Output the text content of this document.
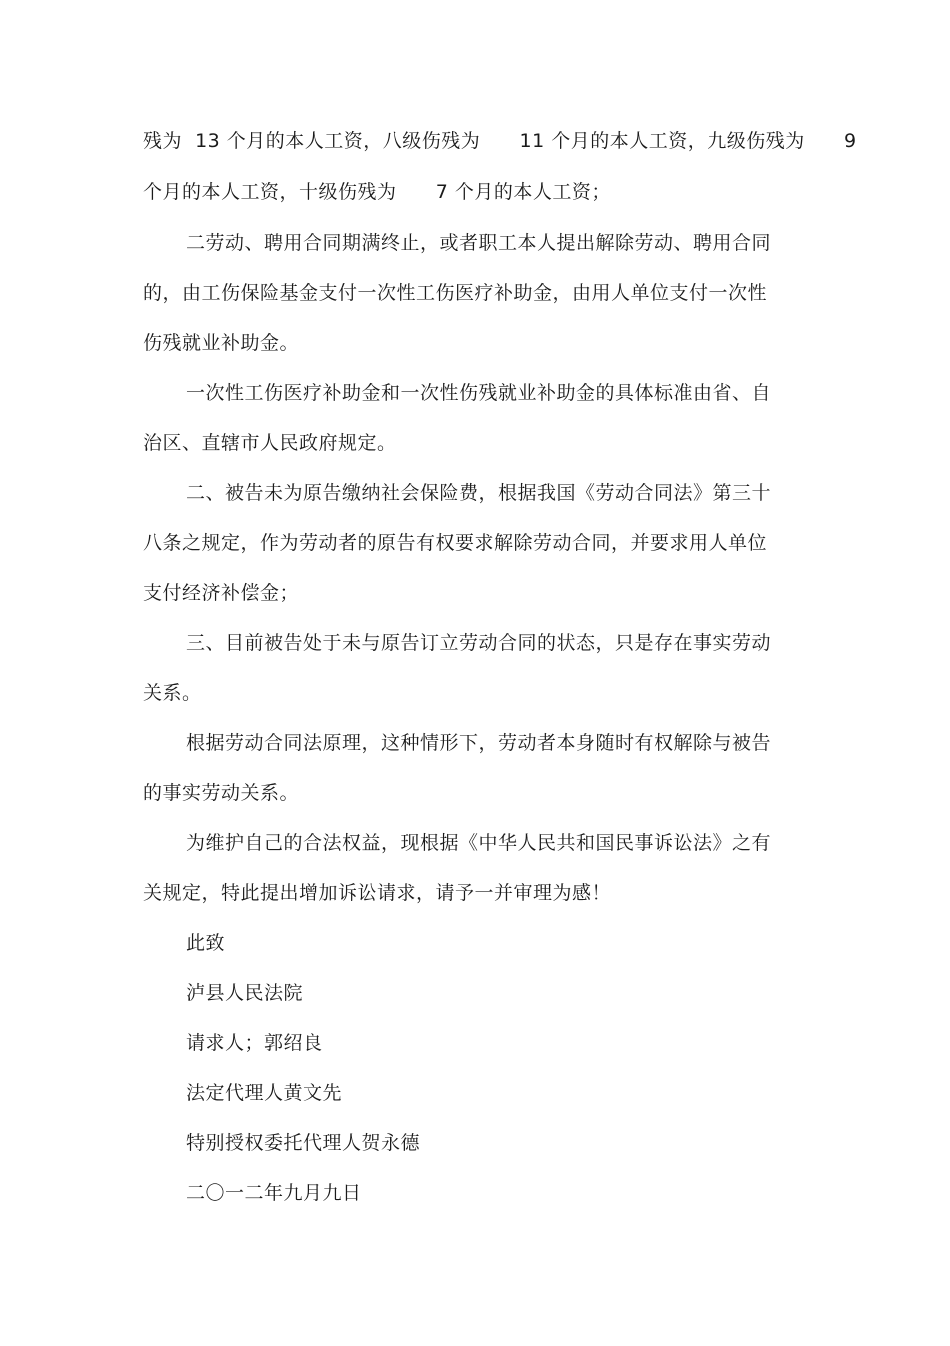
残为  13 个月的本人工资，八级伤残为      11 个月的本人工资，九级伤残为      9
个月的本人工资，十级伤残为      7 个月的本人工资；
二劳动、聘用合同期满终止，或者职工本人提出解除劳动、聘用合同
的，由工伤保险基金支付一次性工伤医疗补助金，由用人单位支付一次性
伤残就业补助金。
一次性工伤医疗补助金和一次性伤残就业补助金的具体标准由省、自
治区、直辖市人民政府规定。
二、被告未为原告缴纳社会保险费，根据我国《劳动合同法》第三十
八条之规定，作为劳动者的原告有权要求解除劳动合同，并要求用人单位
支付经济补偿金；
三、目前被告处于未与原告订立劳动合同的状态，只是存在事实劳动
关系。
根据劳动合同法原理，这种情形下，劳动者本身随时有权解除与被告
的事实劳动关系。
为维护自己的合法权益，现根据《中华人民共和国民事诉讼法》之有
关规定，特此提出增加诉讼请求，请予一并审理为感！
此致
泸县人民法院
请求人；郭绍良
法定代理人黄文先
特别授权委托代理人贺永德
二〇一二年九月九日
